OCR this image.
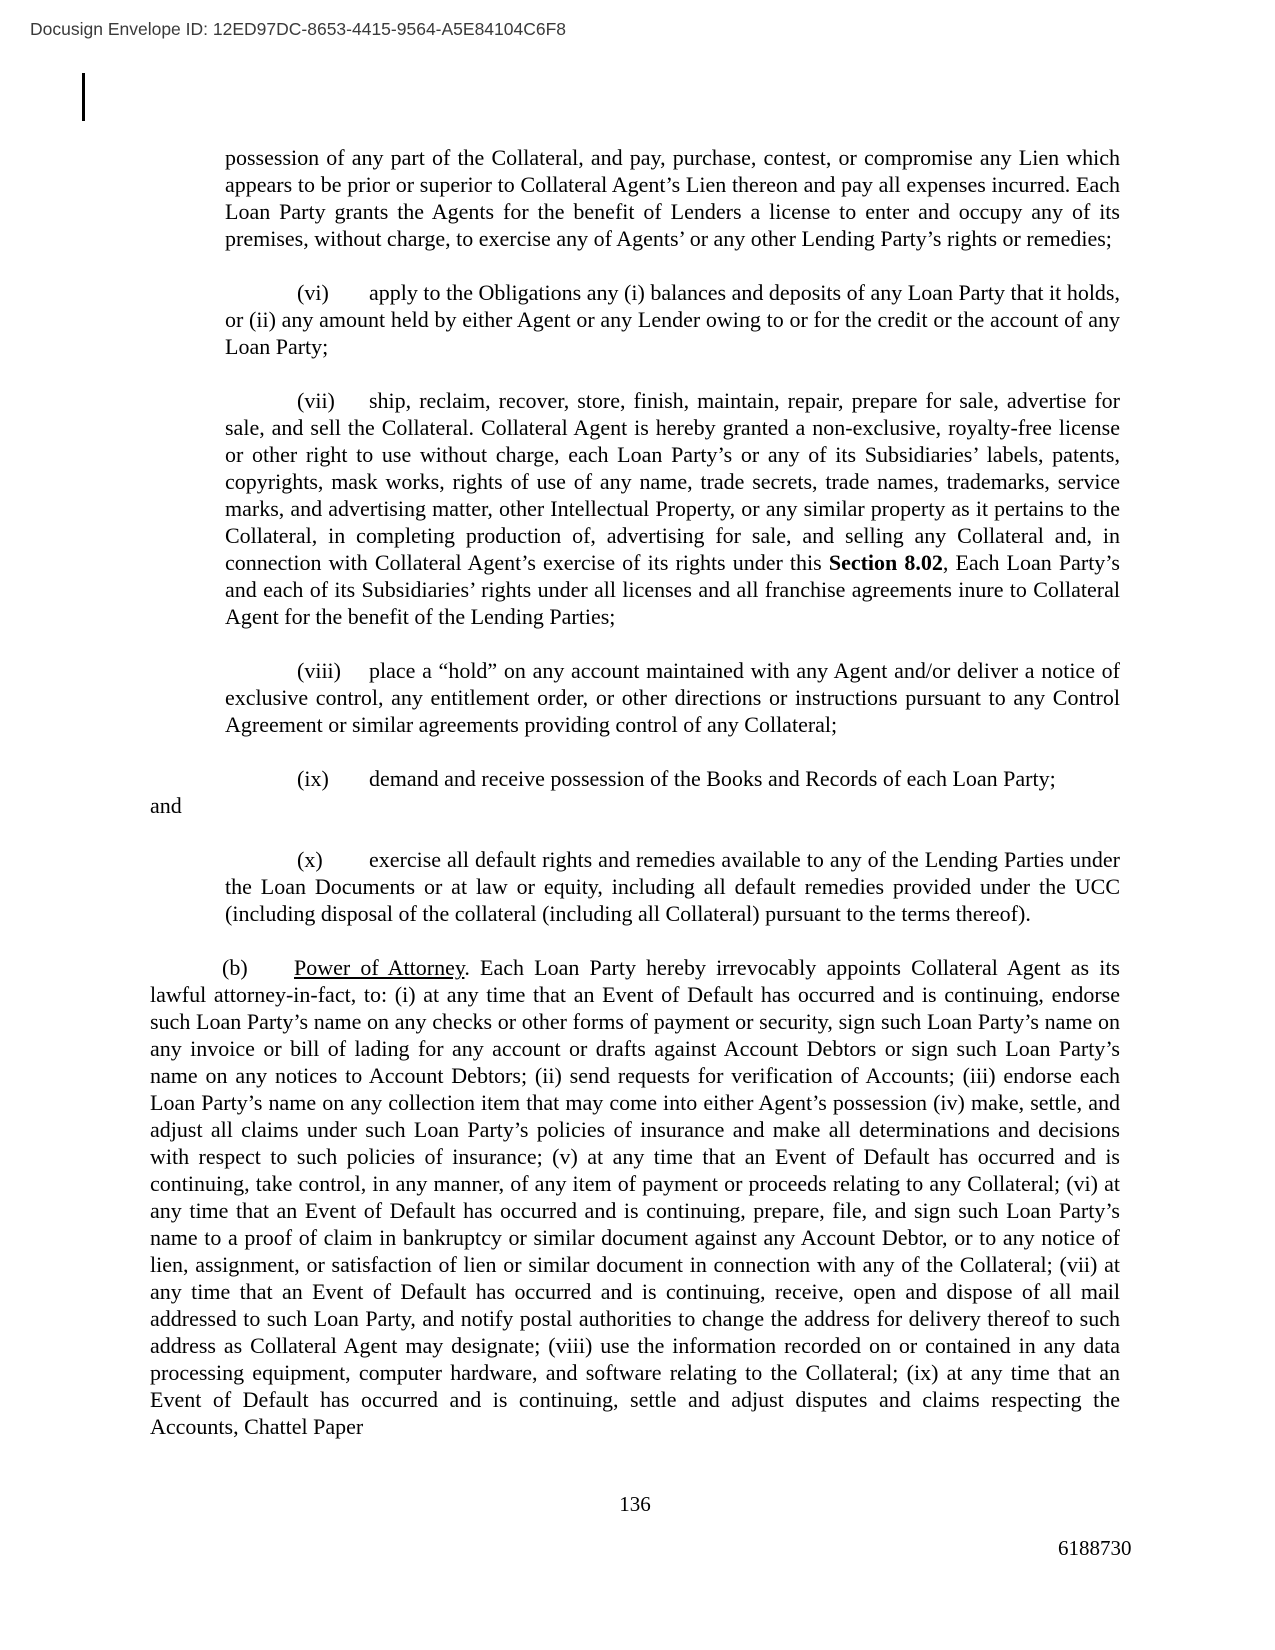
Docusign Envelope ID: 12ED97DC-8653-4415-9564-A5E84104C6F8
possession of any part of the Collateral, and pay, purchase, contest, or compromise any Lien which appears to be prior or superior to Collateral Agent’s Lien thereon and pay all expenses incurred. Each Loan Party grants the Agents for the benefit of Lenders a license to enter and occupy any of its premises, without charge, to exercise any of Agents’ or any other Lending Party’s rights or remedies;
(vi) apply to the Obligations any (i) balances and deposits of any Loan Party that it holds, or (ii) any amount held by either Agent or any Lender owing to or for the credit or the account of any Loan Party;
(vii) ship, reclaim, recover, store, finish, maintain, repair, prepare for sale, advertise for sale, and sell the Collateral. Collateral Agent is hereby granted a non-exclusive, royalty-free license or other right to use without charge, each Loan Party’s or any of its Subsidiaries’ labels, patents, copyrights, mask works, rights of use of any name, trade secrets, trade names, trademarks, service marks, and advertising matter, other Intellectual Property, or any similar property as it pertains to the Collateral, in completing production of, advertising for sale, and selling any Collateral and, in connection with Collateral Agent’s exercise of its rights under this Section 8.02, Each Loan Party’s and each of its Subsidiaries’ rights under all licenses and all franchise agreements inure to Collateral Agent for the benefit of the Lending Parties;
(viii) place a “hold” on any account maintained with any Agent and/or deliver a notice of exclusive control, any entitlement order, or other directions or instructions pursuant to any Control Agreement or similar agreements providing control of any Collateral;
(ix) demand and receive possession of the Books and Records of each Loan Party;
and
(x) exercise all default rights and remedies available to any of the Lending Parties under the Loan Documents or at law or equity, including all default remedies provided under the UCC (including disposal of the collateral (including all Collateral) pursuant to the terms thereof).
(b) Power of Attorney. Each Loan Party hereby irrevocably appoints Collateral Agent as its lawful attorney-in-fact, to: (i) at any time that an Event of Default has occurred and is continuing, endorse such Loan Party’s name on any checks or other forms of payment or security, sign such Loan Party’s name on any invoice or bill of lading for any account or drafts against Account Debtors or sign such Loan Party’s name on any notices to Account Debtors; (ii) send requests for verification of Accounts; (iii) endorse each Loan Party’s name on any collection item that may come into either Agent’s possession (iv) make, settle, and adjust all claims under such Loan Party’s policies of insurance and make all determinations and decisions with respect to such policies of insurance; (v) at any time that an Event of Default has occurred and is continuing, take control, in any manner, of any item of payment or proceeds relating to any Collateral; (vi) at any time that an Event of Default has occurred and is continuing, prepare, file, and sign such Loan Party’s name to a proof of claim in bankruptcy or similar document against any Account Debtor, or to any notice of lien, assignment, or satisfaction of lien or similar document in connection with any of the Collateral; (vii) at any time that an Event of Default has occurred and is continuing, receive, open and dispose of all mail addressed to such Loan Party, and notify postal authorities to change the address for delivery thereof to such address as Collateral Agent may designate; (viii) use the information recorded on or contained in any data processing equipment, computer hardware, and software relating to the Collateral; (ix) at any time that an Event of Default has occurred and is continuing, settle and adjust disputes and claims respecting the Accounts, Chattel Paper
136
6188730
